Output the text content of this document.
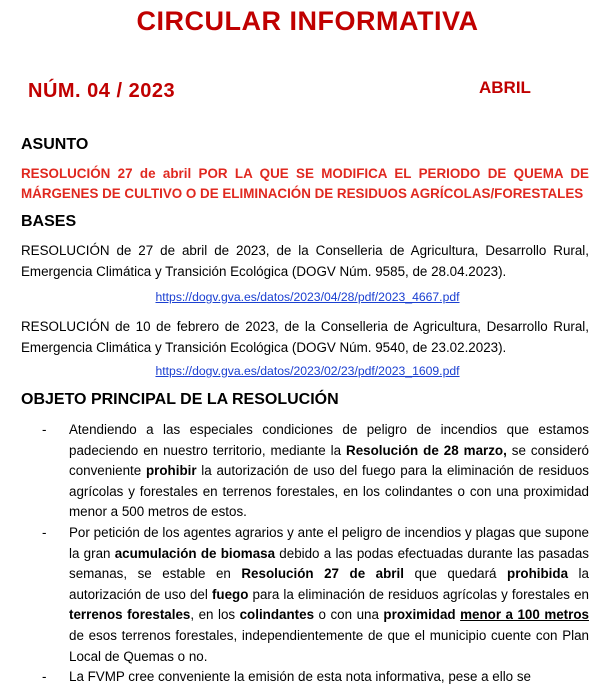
CIRCULAR INFORMATIVA
NÚM. 04 / 2023	ABRIL
ASUNTO
RESOLUCIÓN 27 de abril POR LA QUE SE MODIFICA EL PERIODO DE QUEMA DE MÁRGENES DE CULTIVO O DE ELIMINACIÓN DE RESIDUOS AGRÍCOLAS/FORESTALES
BASES
RESOLUCIÓN de 27 de abril de 2023, de la Conselleria de Agricultura, Desarrollo Rural, Emergencia Climática y Transición Ecológica (DOGV Núm. 9585, de 28.04.2023).
https://dogv.gva.es/datos/2023/04/28/pdf/2023_4667.pdf
RESOLUCIÓN de 10 de febrero de 2023, de la Conselleria de Agricultura, Desarrollo Rural, Emergencia Climática y Transición Ecológica (DOGV Núm. 9540, de 23.02.2023).
https://dogv.gva.es/datos/2023/02/23/pdf/2023_1609.pdf
OBJETO PRINCIPAL DE LA RESOLUCIÓN
- Atendiendo a las especiales condiciones de peligro de incendios que estamos padeciendo en nuestro territorio, mediante la Resolución de 28 marzo, se consideró conveniente prohibir la autorización de uso del fuego para la eliminación de residuos agrícolas y forestales en terrenos forestales, en los colindantes o con una proximidad menor a 500 metros de estos.
- Por petición de los agentes agrarios y ante el peligro de incendios y plagas que supone la gran acumulación de biomasa debido a las podas efectuadas durante las pasadas semanas, se estable en Resolución 27 de abril que quedará prohibida la autorización de uso del fuego para la eliminación de residuos agrícolas y forestales en terrenos forestales, en los colindantes o con una proximidad menor a 100 metros de esos terrenos forestales, independientemente de que el municipio cuente con Plan Local de Quemas o no.
- La FVMP cree conveniente la emisión de esta nota informativa, pese a ello se
